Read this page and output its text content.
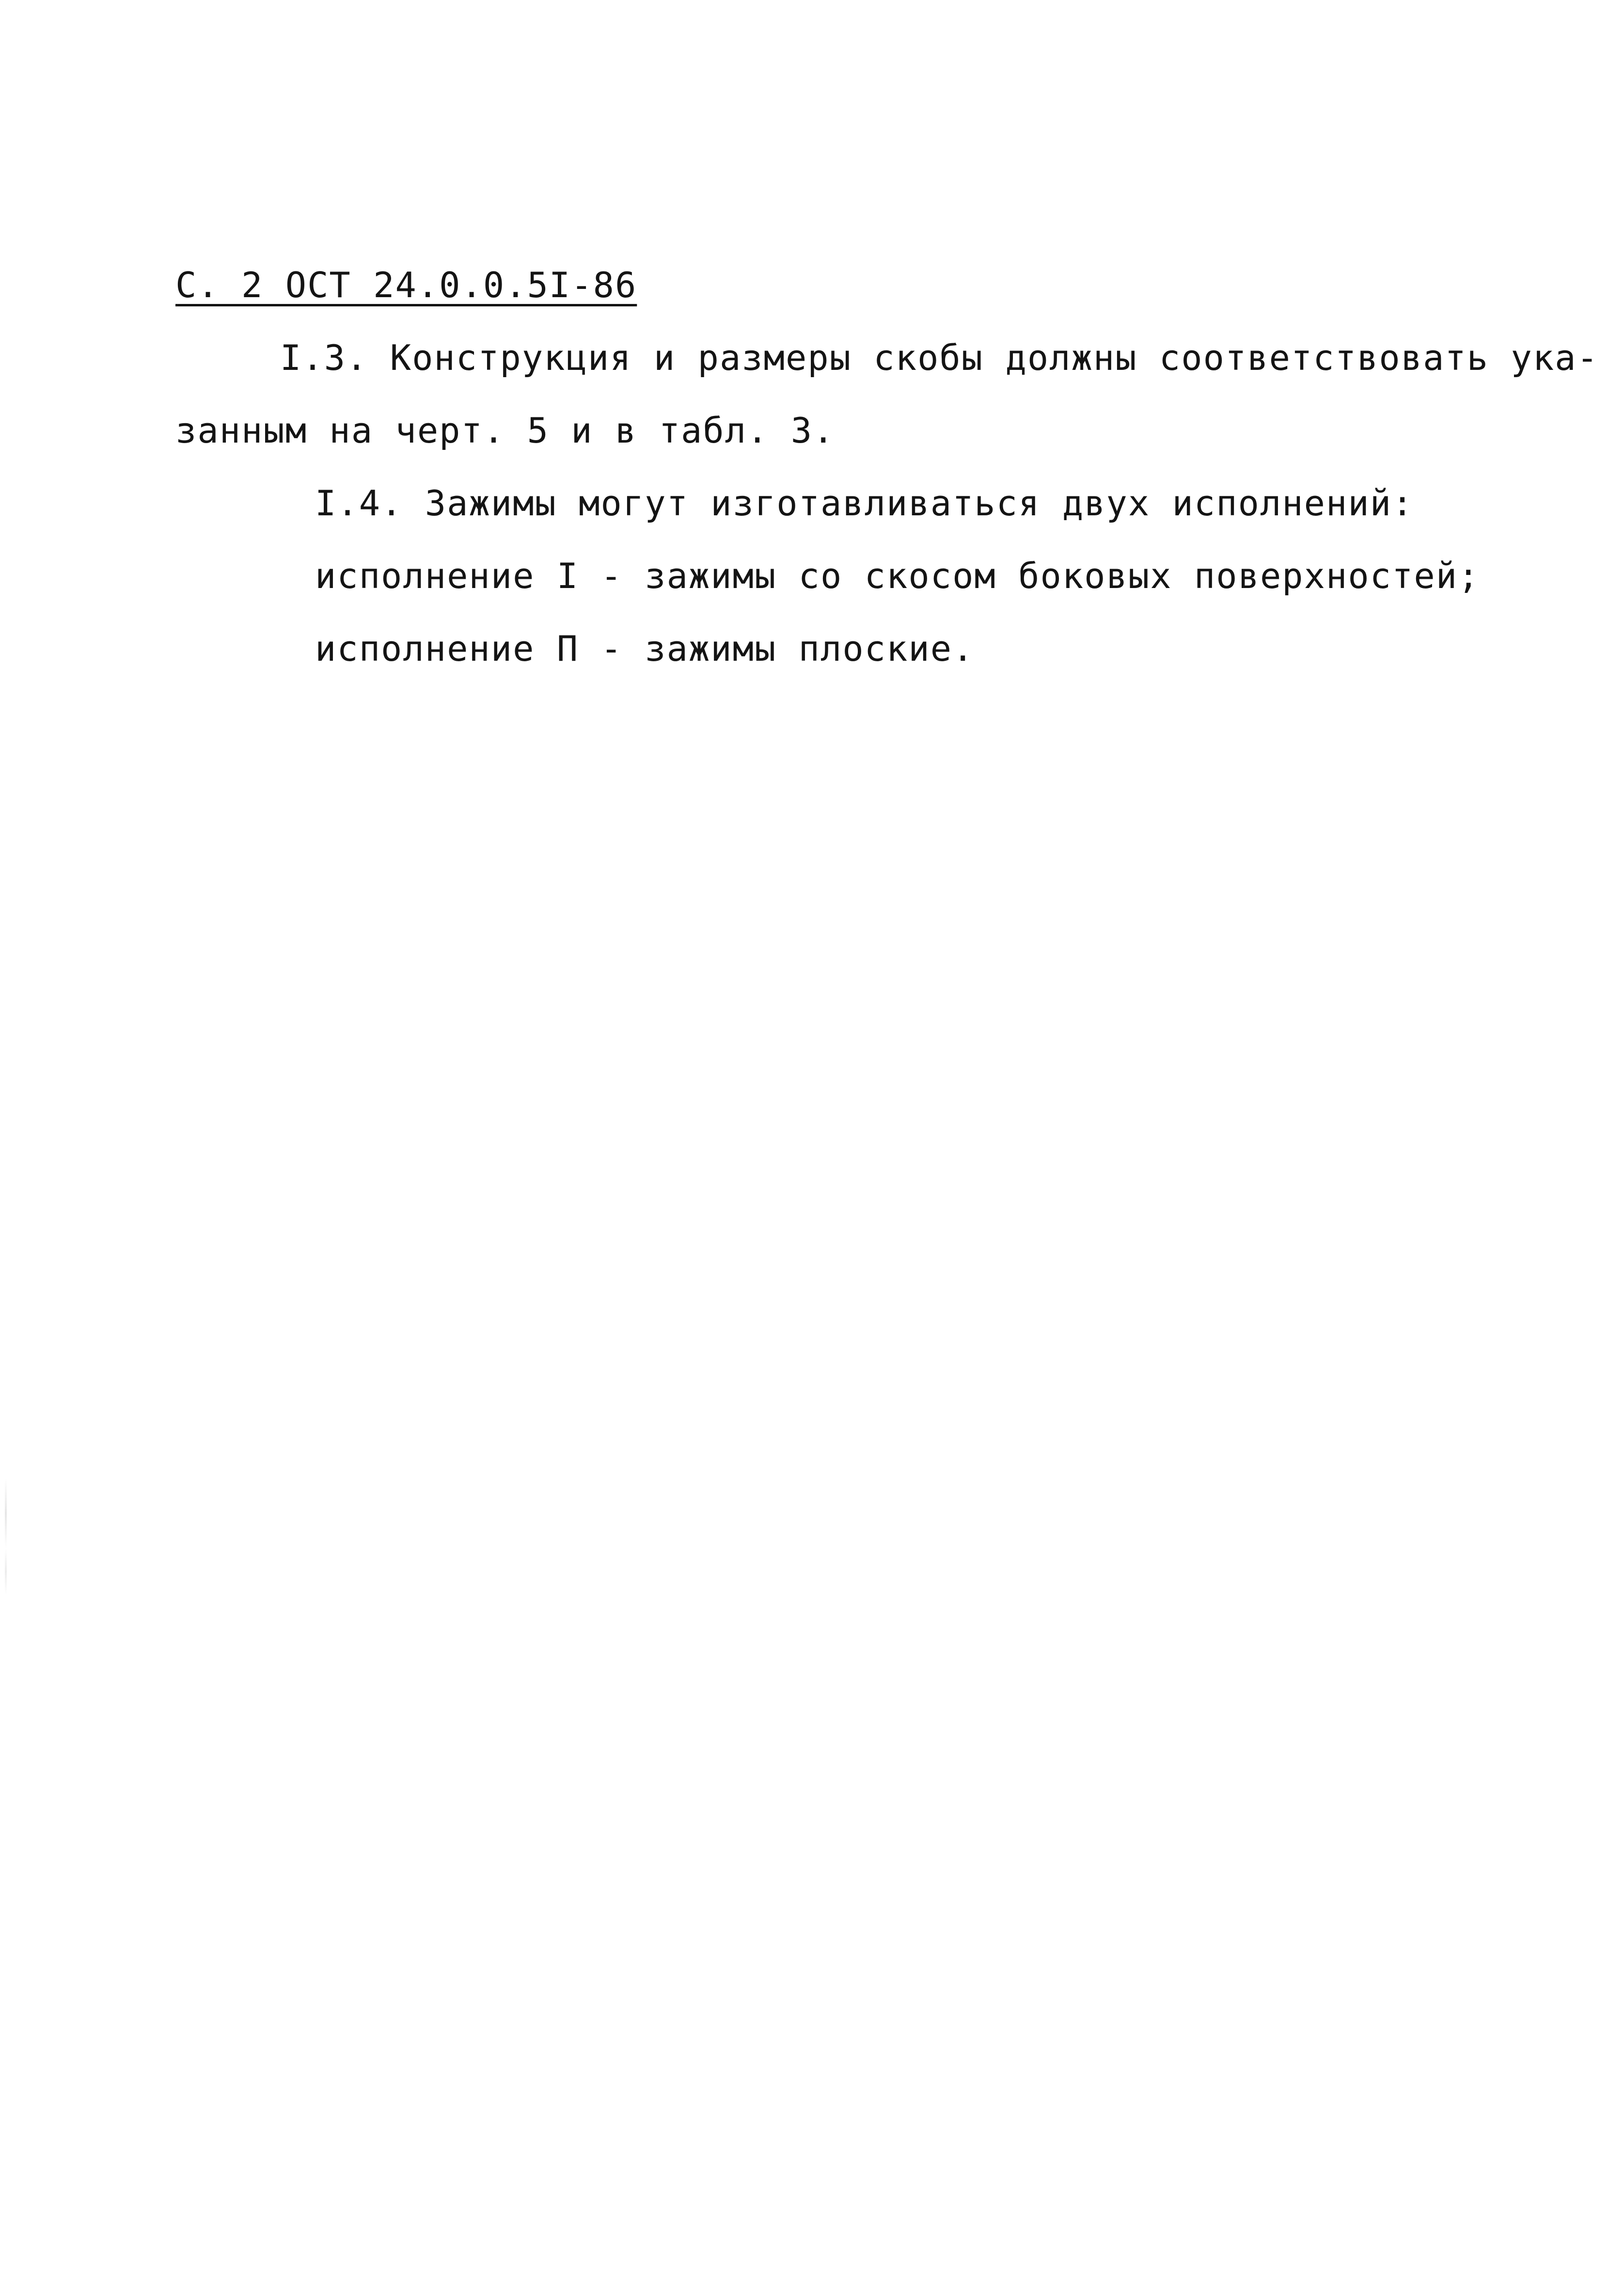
С. 2 ОСТ 24.0.0.5І-86
І.3. Конструкция и размеры скобы должны соответствовать ука-
занным на черт. 5 и в табл. 3.
І.4. Зажимы могут изготавливаться двух исполнений:
исполнение І - зажимы со скосом боковых поверхностей;
исполнение П - зажимы плоские.
